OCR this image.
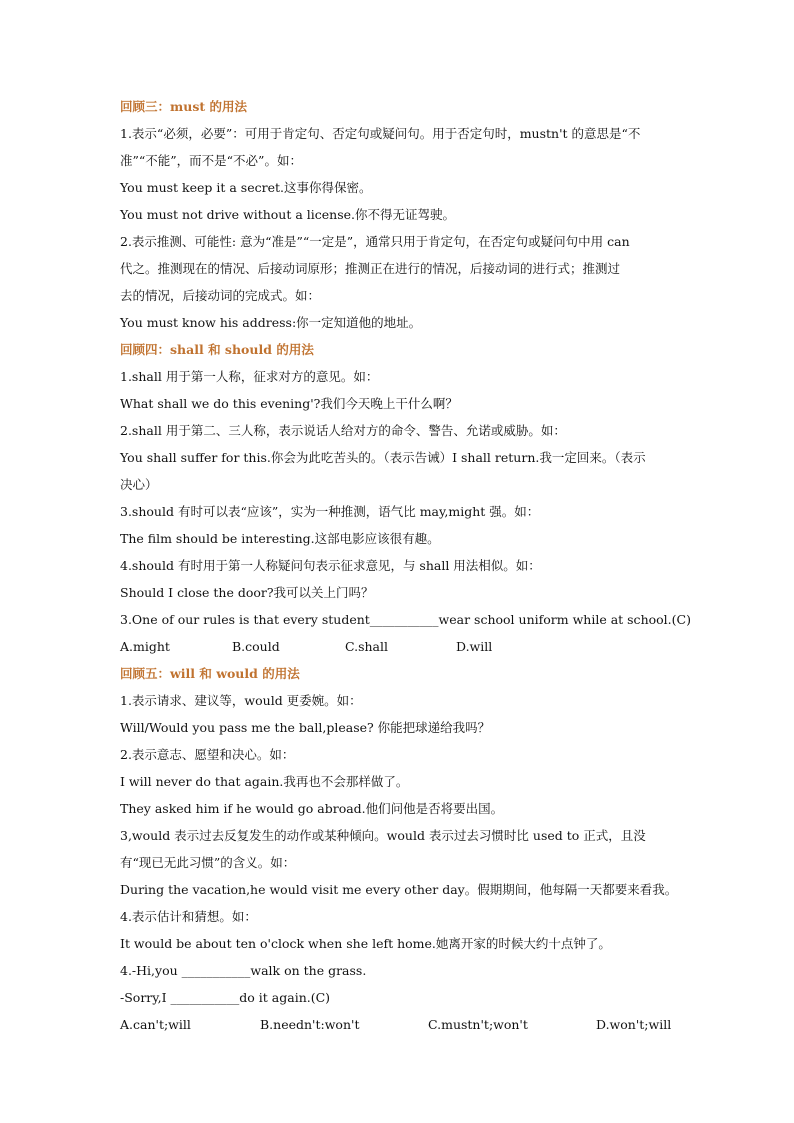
回顾三：must 的用法
1.表示“必须，必要”：可用于肯定句、否定句或疑问句。用于否定句时，mustn't 的意思是“不
准”“不能”，而不是“不必”。如：
You must keep it a secret.这事你得保密。
You must not drive without a license.你不得无证驾驶。
2.表示推测、可能性: 意为“准是”“一定是”，通常只用于肯定句，在否定句或疑问句中用 can
代之。推测现在的情况、后接动词原形；推测正在进行的情况，后接动词的进行式；推测过
去的情况，后接动词的完成式。如：
You must know his address:你一定知道他的地址。
回顾四：shall 和 should 的用法
1.shall 用于第一人称，征求对方的意见。如：
What shall we do this evening'?我们今天晚上干什么啊？
2.shall 用于第二、三人称，表示说话人给对方的命令、警告、允诺或威胁。如：
You shall suffer for this.你会为此吃苦头的。（表示告诫）I shall return.我一定回来。（表示
决心）
3.should 有时可以表“应该”，实为一种推测，语气比 may,might 强。如：
The film should be interesting.这部电影应该很有趣。
4.should 有时用于第一人称疑问句表示征求意见，与 shall 用法相似。如：
Should I close the door?我可以关上门吗？
3.One of our rules is that every student___________wear school uniform while at school.(C)
A.might	B.could	C.shall	D.will
回顾五：will 和 would 的用法
1.表示请求、建议等，would 更委婉。如：
Will/Would you pass me the ball,please? 你能把球递给我吗？
2.表示意志、愿望和决心。如：
I will never do that again.我再也不会那样做了。
They asked him if he would go abroad.他们问他是否将要出国。
3,would 表示过去反复发生的动作或某种倾向。would 表示过去习惯时比 used to 正式，且没
有“现已无此习惯”的含义。如：
During the vacation,he would visit me every other day。假期期间，他每隔一天都要来看我。
4.表示估计和猜想。如：
It would be about ten o'clock when she left home.她离开家的时候大约十点钟了。
4.-Hi,you ___________walk on the grass.
-Sorry,I ___________do it again.(C)
A.can't;will	B.needn't:won't	C.mustn't;won't	D.won't;will
